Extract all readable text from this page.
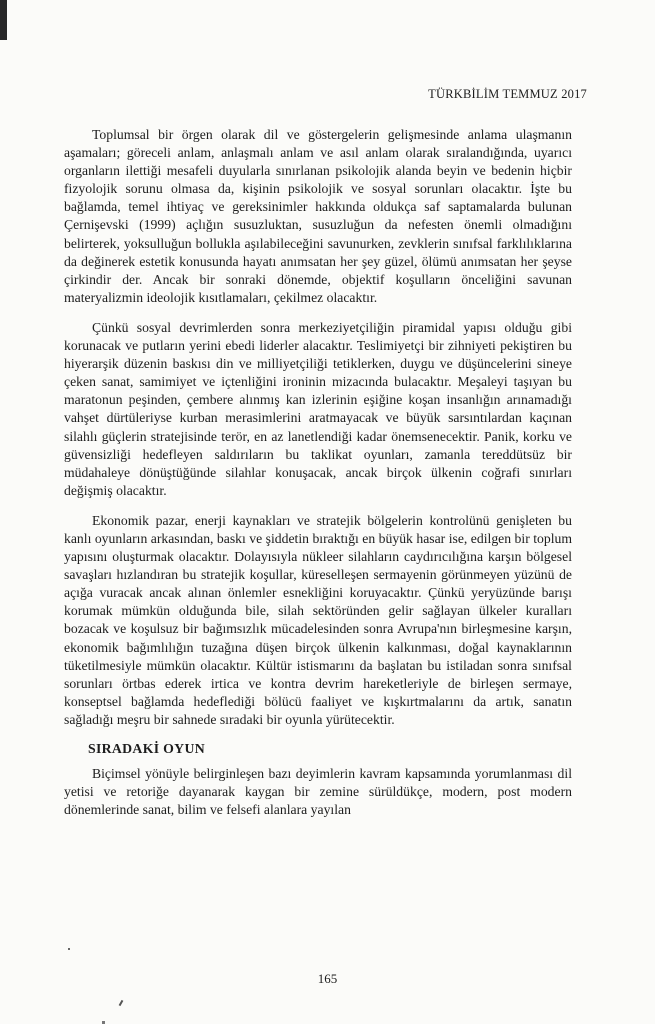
TÜRKBİLİM TEMMUZ 2017

Toplumsal bir örgen olarak dil ve göstergelerin gelişmesinde anlama ulaşmanın aşamaları; göreceli anlam, anlaşmalı anlam ve asıl anlam olarak sıralandığında, uyarıcı organların ilettiği mesafeli duyularla sınırlanan psikolojik alanda beyin ve bedenin hiçbir fizyolojik sorunu olmasa da, kişinin psikolojik ve sosyal sorunları olacaktır. İşte bu bağlamda, temel ihtiyaç ve gereksinimler hakkında oldukça saf saptamalarda bulunan Çernişevski (1999) açlığın susuzluktan, susuzluğun da nefesten önemli olmadığını belirterek, yoksulluğun bollukla aşılabileceğini savunurken, zevklerin sınıfsal farklılıklarına da değinerek estetik konusunda hayatı anımsatan her şey güzel, ölümü anımsatan her şeyse çirkindir der. Ancak bir sonraki dönemde, objektif koşulların önceliğini savunan materyalizmin ideolojik kısıtlamaları, çekilmez olacaktır.

Çünkü sosyal devrimlerden sonra merkeziyetçiliğin piramidal yapısı olduğu gibi korunacak ve putların yerini ebedi liderler alacaktır. Teslimiyetçi bir zihniyeti pekiştiren bu hiyerarşik düzenin baskısı din ve milliyetçiliği tetiklerken, duygu ve düşüncelerini sineye çeken sanat, samimiyet ve içtenliğini ironinin mizacında bulacaktır. Meşaleyi taşıyan bu maratonun peşinden, çembere alınmış kan izlerinin eşiğine koşan insanlığın arınamadığı vahşet dürtüleriyse kurban merasimlerini aratmayacak ve büyük sarsıntılardan kaçınan silahlı güçlerin stratejisinde terör, en az lanetlendiği kadar önemsenecektir. Panik, korku ve güvensizliği hedefleyen saldırıların bu taklikat oyunları, zamanla tereddütsüz bir müdahaleye dönüştüğünde silahlar konuşacak, ancak birçok ülkenin coğrafi sınırları değişmiş olacaktır.

Ekonomik pazar, enerji kaynakları ve stratejik bölgelerin kontrolünü genişleten bu kanlı oyunların arkasından, baskı ve şiddetin bıraktığı en büyük hasar ise, edilgen bir toplum yapısını oluşturmak olacaktır. Dolayısıyla nükleer silahların caydırıcılığına karşın bölgesel savaşları hızlandıran bu stratejik koşullar, küreselleşen sermayenin görünmeyen yüzünü de açığa vuracak ancak alınan önlemler esnekliğini koruyacaktır. Çünkü yeryüzünde barışı korumak mümkün olduğunda bile, silah sektöründen gelir sağlayan ülkeler kuralları bozacak ve koşulsuz bir bağımsızlık mücadelesinden sonra Avrupa'nın birleşmesine karşın, ekonomik bağımlılığın tuzağına düşen birçok ülkenin kalkınması, doğal kaynaklarının tüketilmesiyle mümkün olacaktır. Kültür istismarını da başlatan bu istiladan sonra sınıfsal sorunları örtbas ederek irtica ve kontra devrim hareketleriyle de birleşen sermaye, konseptsel bağlamda hedeflediği bölücü faaliyet ve kışkırtmalarını da artık, sanatın sağladığı meşru bir sahnede sıradaki bir oyunla yürütecektir.

SIRADAKİ OYUN

Biçimsel yönüyle belirginleşen bazı deyimlerin kavram kapsamında yorumlanması dil yetisi ve retoriğe dayanarak kaygan bir zemine sürüldükçe, modern, post modern dönemlerinde sanat, bilim ve felsefi alanlara yayılan

165
